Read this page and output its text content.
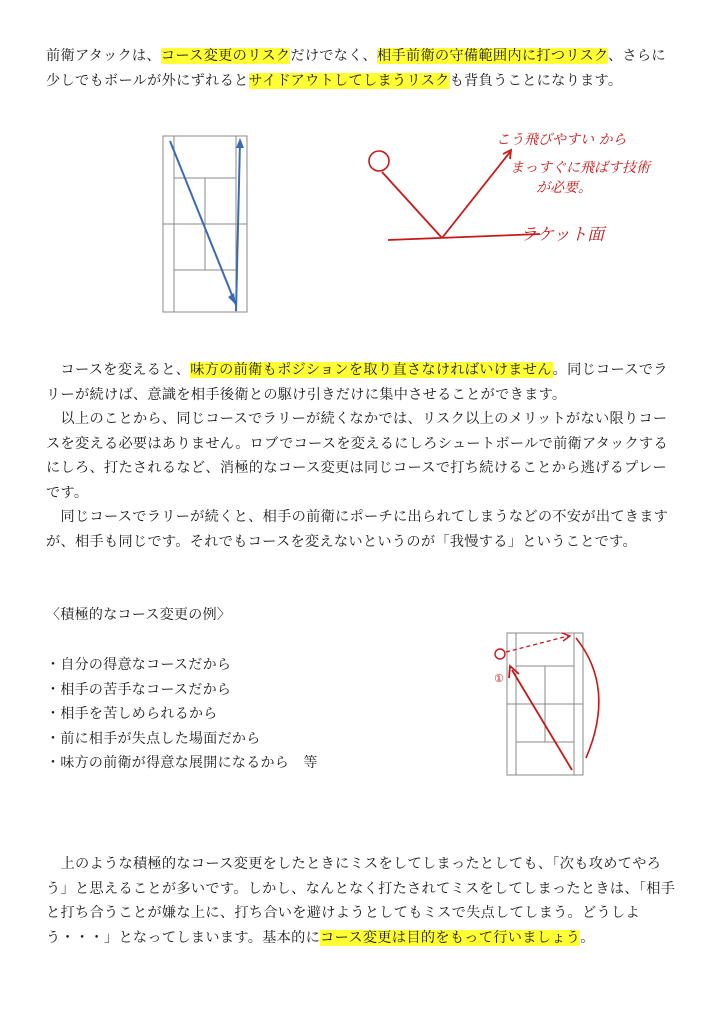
前衛アタックは、コース変更のリスクだけでなく、相手前衛の守備範囲内に打つリスク、さらに少しでもボールが外にずれるとサイドアウトしてしまうリスクも背負うことになります。

こう飛びやすい から
まっすぐに飛ばす技術
が必要。
ラケット面

　コースを変えると、味方の前衛もポジションを取り直さなければいけません。同じコースでラリーが続けば、意識を相手後衛との駆け引きだけに集中させることができます。
　以上のことから、同じコースでラリーが続くなかでは、リスク以上のメリットがない限りコースを変える必要はありません。ロブでコースを変えるにしろシュートボールで前衛アタックするにしろ、打たされるなど、消極的なコース変更は同じコースで打ち続けることから逃げるプレーです。
　同じコースでラリーが続くと、相手の前衛にポーチに出られてしまうなどの不安が出てきますが、相手も同じです。それでもコースを変えないというのが「我慢する」ということです。

〈積極的なコース変更の例〉

・ 自分の得意なコースだから
・ 相手の苦手なコースだから
・ 相手を苦しめられるから
・ 前に相手が失点した場面だから
・ 味方の前衛が得意な展開になるから　等
①

　上のような積極的なコース変更をしたときにミスをしてしまったとしても、「次も攻めてやろう」と思えることが多いです。しかし、なんとなく打たされてミスをしてしまったときは、「相手と打ち合うことが嫌な上に、打ち合いを避けようとしてもミスで失点してしまう。どうしよう・・・」となってしまいます。基本的にコース変更は目的をもって行いましょう。
